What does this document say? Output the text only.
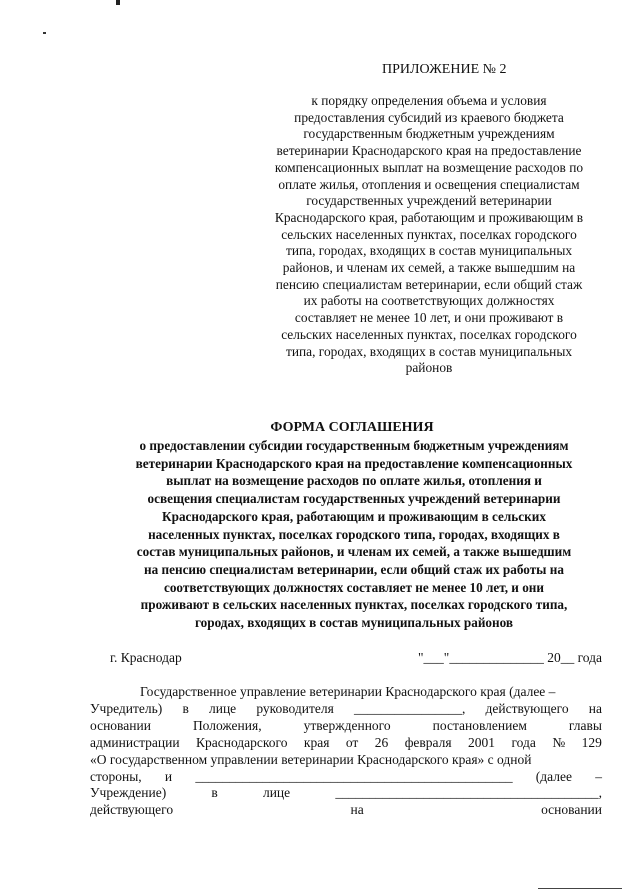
ПРИЛОЖЕНИЕ № 2
к порядку определения объема и условия
предоставления субсидий из краевого бюджета
государственным бюджетным учреждениям
ветеринарии Краснодарского края на предоставление
компенсационных выплат на возмещение расходов по
оплате жилья, отопления и освещения специалистам
государственных учреждений ветеринарии
Краснодарского края, работающим и проживающим в
сельских населенных пунктах, поселках городского
типа, городах, входящих в состав муниципальных
районов, и членам их семей, а также вышедшим на
пенсию специалистам ветеринарии, если общий стаж
их работы на соответствующих должностях
составляет не менее 10 лет, и они проживают в
сельских населенных пунктах, поселках городского
типа, городах, входящих в состав муниципальных
районов
ФОРМА СОГЛАШЕНИЯ
о предоставлении субсидии государственным бюджетным учреждениям
ветеринарии Краснодарского края на предоставление компенсационных
выплат на возмещение расходов по оплате жилья, отопления и
освещения специалистам государственных учреждений ветеринарии
Краснодарского края, работающим и проживающим в сельских
населенных пунктах, поселках городского типа, городах, входящих в
состав муниципальных районов, и членам их семей, а также вышедшим
на пенсию специалистам ветеринарии, если общий стаж их работы на
соответствующих должностях составляет не менее 10 лет, и они
проживают в сельских населенных пунктах, поселках городского типа,
городах, входящих в состав муниципальных районов
г. Краснодар	"___"______________ 20__ года
Государственное управление ветеринарии Краснодарского края (далее –
Учредитель) в лице руководителя ________________, действующего на
основании	Положения,	утвержденного	постановлением	главы
администрации Краснодарского края от 26 февраля 2001 года № 129
«О государственном управлении ветеринарии Краснодарского края» с одной
стороны, и _______________________________________________ (далее –
Учреждение)	в	лице	_______________________________________,
действующего	на	основании
